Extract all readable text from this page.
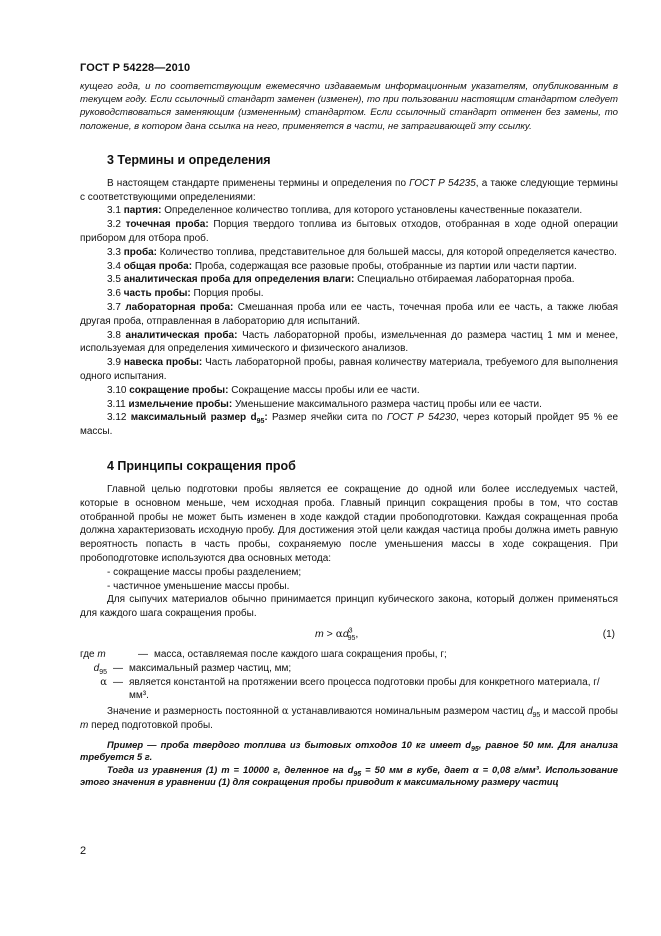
ГОСТ Р 54228—2010

кущего года, и по соответствующим ежемесячно издаваемым информационным указателям, опубликованным в текущем году. Если ссылочный стандарт заменен (изменен), то при пользовании настоящим стандартом следует руководствоваться заменяющим (измененным) стандартом. Если ссылочный стандарт отменен без замены, то положение, в котором дана ссылка на него, применяется в части, не затрагивающей эту ссылку.

3 Термины и определения

В настоящем стандарте применены термины и определения по ГОСТ Р 54235, а также следующие термины с соответствующими определениями:

3.1 партия: Определенное количество топлива, для которого установлены качественные показатели.

3.2 точечная проба: Порция твердого топлива из бытовых отходов, отобранная в ходе одной операции прибором для отбора проб.

3.3 проба: Количество топлива, представительное для большей массы, для которой определяется качество.

3.4 общая проба: Проба, содержащая все разовые пробы, отобранные из партии или части партии.

3.5 аналитическая проба для определения влаги: Специально отбираемая лабораторная проба.

3.6 часть пробы: Порция пробы.

3.7 лабораторная проба: Смешанная проба или ее часть, точечная проба или ее часть, а также любая другая проба, отправленная в лабораторию для испытаний.

3.8 аналитическая проба: Часть лабораторной пробы, измельченная до размера частиц 1 мм и менее, используемая для определения химического и физического анализов.

3.9 навеска пробы: Часть лабораторной пробы, равная количеству материала, требуемого для выполнения одного испытания.

3.10 сокращение пробы: Сокращение массы пробы или ее части.

3.11 измельчение пробы: Уменьшение максимального размера частиц пробы или ее части.

3.12 максимальный размер $d_{95}$: Размер ячейки сита по ГОСТ Р 54230, через который пройдет 95 % ее массы.

4 Принципы сокращения проб

Главной целью подготовки пробы является ее сокращение до одной или более исследуемых частей, которые в основном меньше, чем исходная проба. Главный принцип сокращения пробы в том, что состав отобранной пробы не может быть изменен в ходе каждой стадии пробоподготовки. Каждая сокращенная проба должна характеризовать исходную пробу. Для достижения этой цели каждая частица пробы должна иметь равную вероятность попасть в часть пробы, сохраняемую после уменьшения массы в ходе сокращения. При пробоподготовке используются два основных метода:

- сокращение массы пробы разделением;

- частичное уменьшение массы пробы.

Для сыпучих материалов обычно принимается принцип кубического закона, который должен применяться для каждого шага сокращения пробы.

$m > \alpha d^3_{95}$,	(1)
где m	— масса, оставляемая после каждого шага сокращения пробы, г;
$d_{95}$ — максимальный размер частиц, мм;
α — является константой на протяжении всего процесса подготовки пробы для конкретного материала, г/мм³.

Значение и размерность постоянной α устанавливаются номинальным размером частиц $d_{95}$ и массой пробы m перед подготовкой пробы.

Пример — проба твердого топлива из бытовых отходов 10 кг имеет $d_{95}$, равное 50 мм. Для анализа требуется 5 г.

Тогда из уравнения (1) m = 10000 г, деленное на $d_{95} = 50$ мм в кубе, дает α = 0,08 г/мм³. Использование этого значения в уравнении (1) для сокращения пробы приводит к максимальному размеру частиц

2
